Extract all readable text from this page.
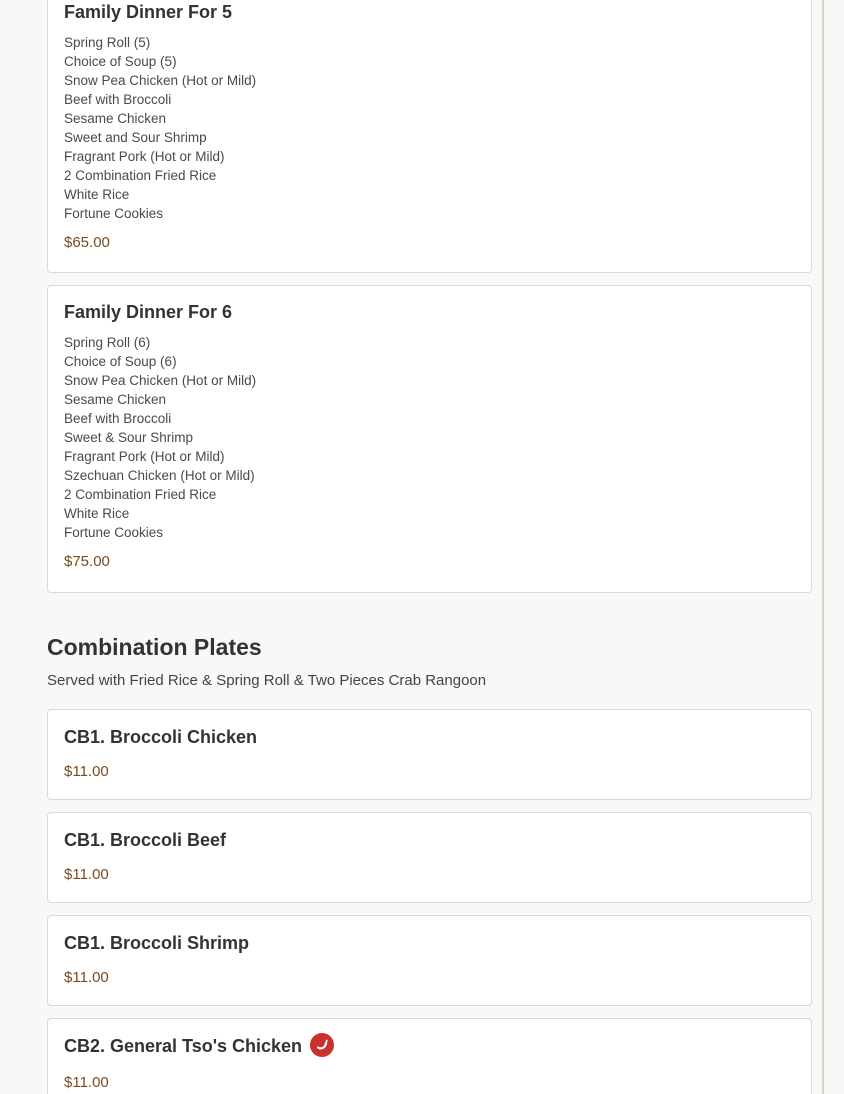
Family Dinner For 5
Spring Roll (5)
Choice of Soup (5)
Snow Pea Chicken (Hot or Mild)
Beef with Broccoli
Sesame Chicken
Sweet and Sour Shrimp
Fragrant Pork (Hot or Mild)
2 Combination Fried Rice
White Rice
Fortune Cookies
$65.00
Family Dinner For 6
Spring Roll (6)
Choice of Soup (6)
Snow Pea Chicken (Hot or Mild)
Sesame Chicken
Beef with Broccoli
Sweet & Sour Shrimp
Fragrant Pork (Hot or Mild)
Szechuan Chicken (Hot or Mild)
2 Combination Fried Rice
White Rice
Fortune Cookies
$75.00
Combination Plates
Served with Fried Rice & Spring Roll & Two Pieces Crab Rangoon
CB1. Broccoli Chicken
$11.00
CB1. Broccoli Beef
$11.00
CB1. Broccoli Shrimp
$11.00
CB2. General Tso's Chicken
$11.00
